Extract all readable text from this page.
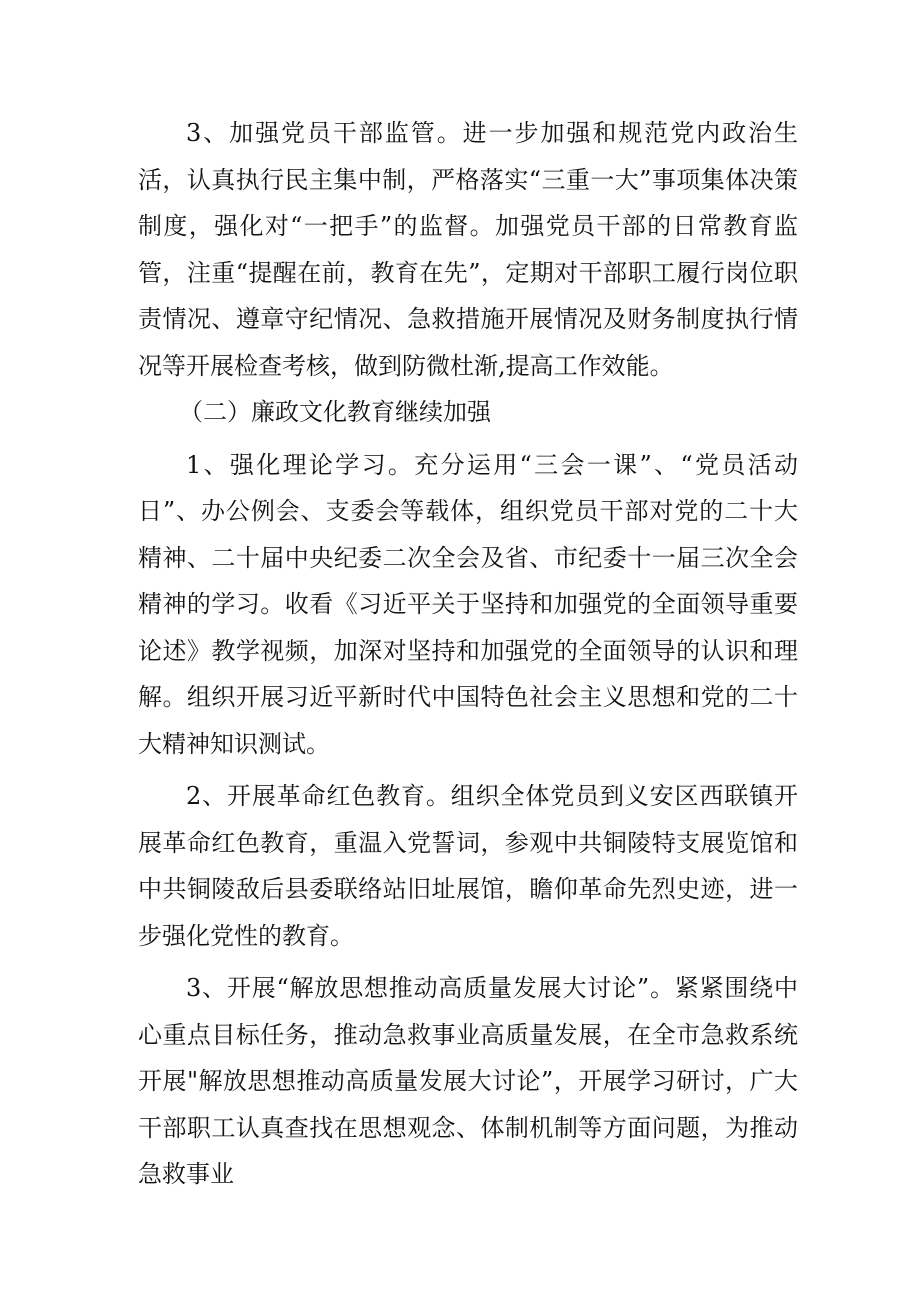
3、加强党员干部监管。进一步加强和规范党内政治生活，认真执行民主集中制，严格落实“三重一大”事项集体决策制度，强化对“一把手”的监督。加强党员干部的日常教育监管，注重“提醒在前，教育在先”，定期对干部职工履行岗位职责情况、遵章守纪情况、急救措施开展情况及财务制度执行情况等开展检查考核，做到防微杜渐,提高工作效能。

（二）廉政文化教育继续加强

1、强化理论学习。充分运用“三会一课”、“党员活动日”、办公例会、支委会等载体，组织党员干部对党的二十大精神、二十届中央纪委二次全会及省、市纪委十一届三次全会精神的学习。收看《习近平关于坚持和加强党的全面领导重要论述》教学视频，加深对坚持和加强党的全面领导的认识和理解。组织开展习近平新时代中国特色社会主义思想和党的二十大精神知识测试。

2、开展革命红色教育。组织全体党员到义安区西联镇开展革命红色教育，重温入党誓词，参观中共铜陵特支展览馆和中共铜陵敌后县委联络站旧址展馆，瞻仰革命先烈史迹，进一步强化党性的教育。

3、开展“解放思想推动高质量发展大讨论”。紧紧围绕中心重点目标任务，推动急救事业高质量发展，在全市急救系统开展"解放思想推动高质量发展大讨论”，开展学习研讨，广大干部职工认真查找在思想观念、体制机制等方面问题，为推动急救事业
